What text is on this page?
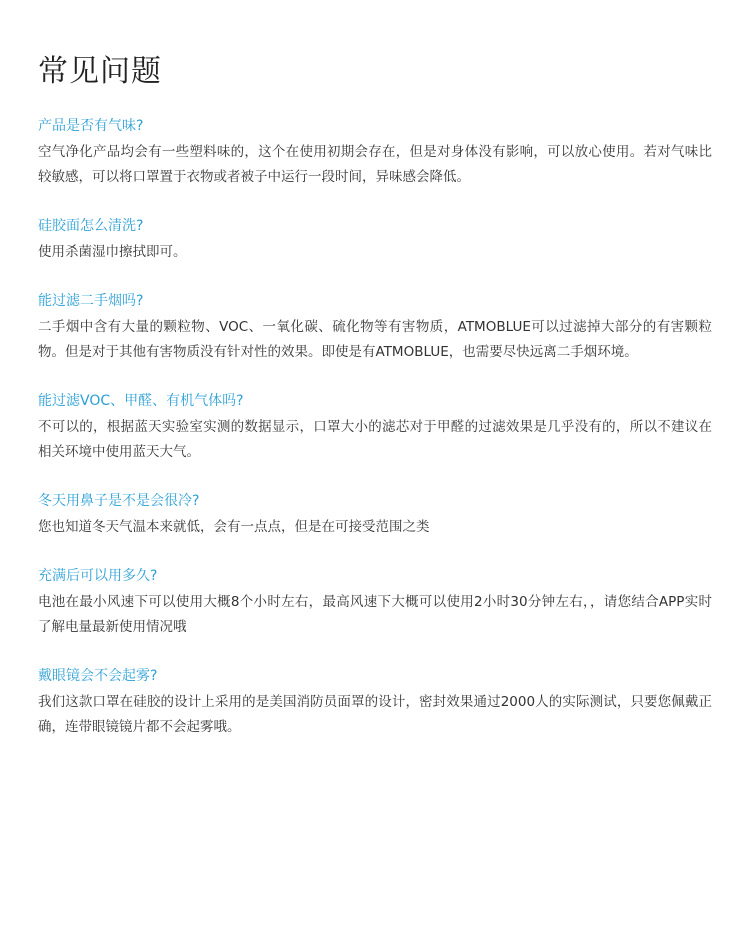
常见问题
产品是否有气味?

空气净化产品均会有一些塑料味的，这个在使用初期会存在，但是对身体没有影响，可以放心使用。若对气味比较敏感，可以将口罩置于衣物或者被子中运行一段时间，异味感会降低。

硅胶面怎么清洗?

使用杀菌湿巾擦拭即可。

能过滤二手烟吗?

二手烟中含有大量的颗粒物、VOC、一氧化碳、硫化物等有害物质，ATMOBLUE可以过滤掉大部分的有害颗粒物。但是对于其他有害物质没有针对性的效果。即使是有ATMOBLUE，也需要尽快远离二手烟环境。

能过滤VOC、甲醛、有机气体吗?

不可以的，根据蓝天实验室实测的数据显示，口罩大小的滤芯对于甲醛的过滤效果是几乎没有的，所以不建议在相关环境中使用蓝天大气。

冬天用鼻子是不是会很冷?

您也知道冬天气温本来就低，会有一点点，但是在可接受范围之类

充满后可以用多久?

电池在最小风速下可以使用大概8个小时左右，最高风速下大概可以使用2小时30分钟左右，，请您结合APP实时了解电量最新使用情况哦

戴眼镜会不会起雾?

我们这款口罩在硅胶的设计上采用的是美国消防员面罩的设计，密封效果通过2000人的实际测试，只要您佩戴正确，连带眼镜镜片都不会起雾哦。
